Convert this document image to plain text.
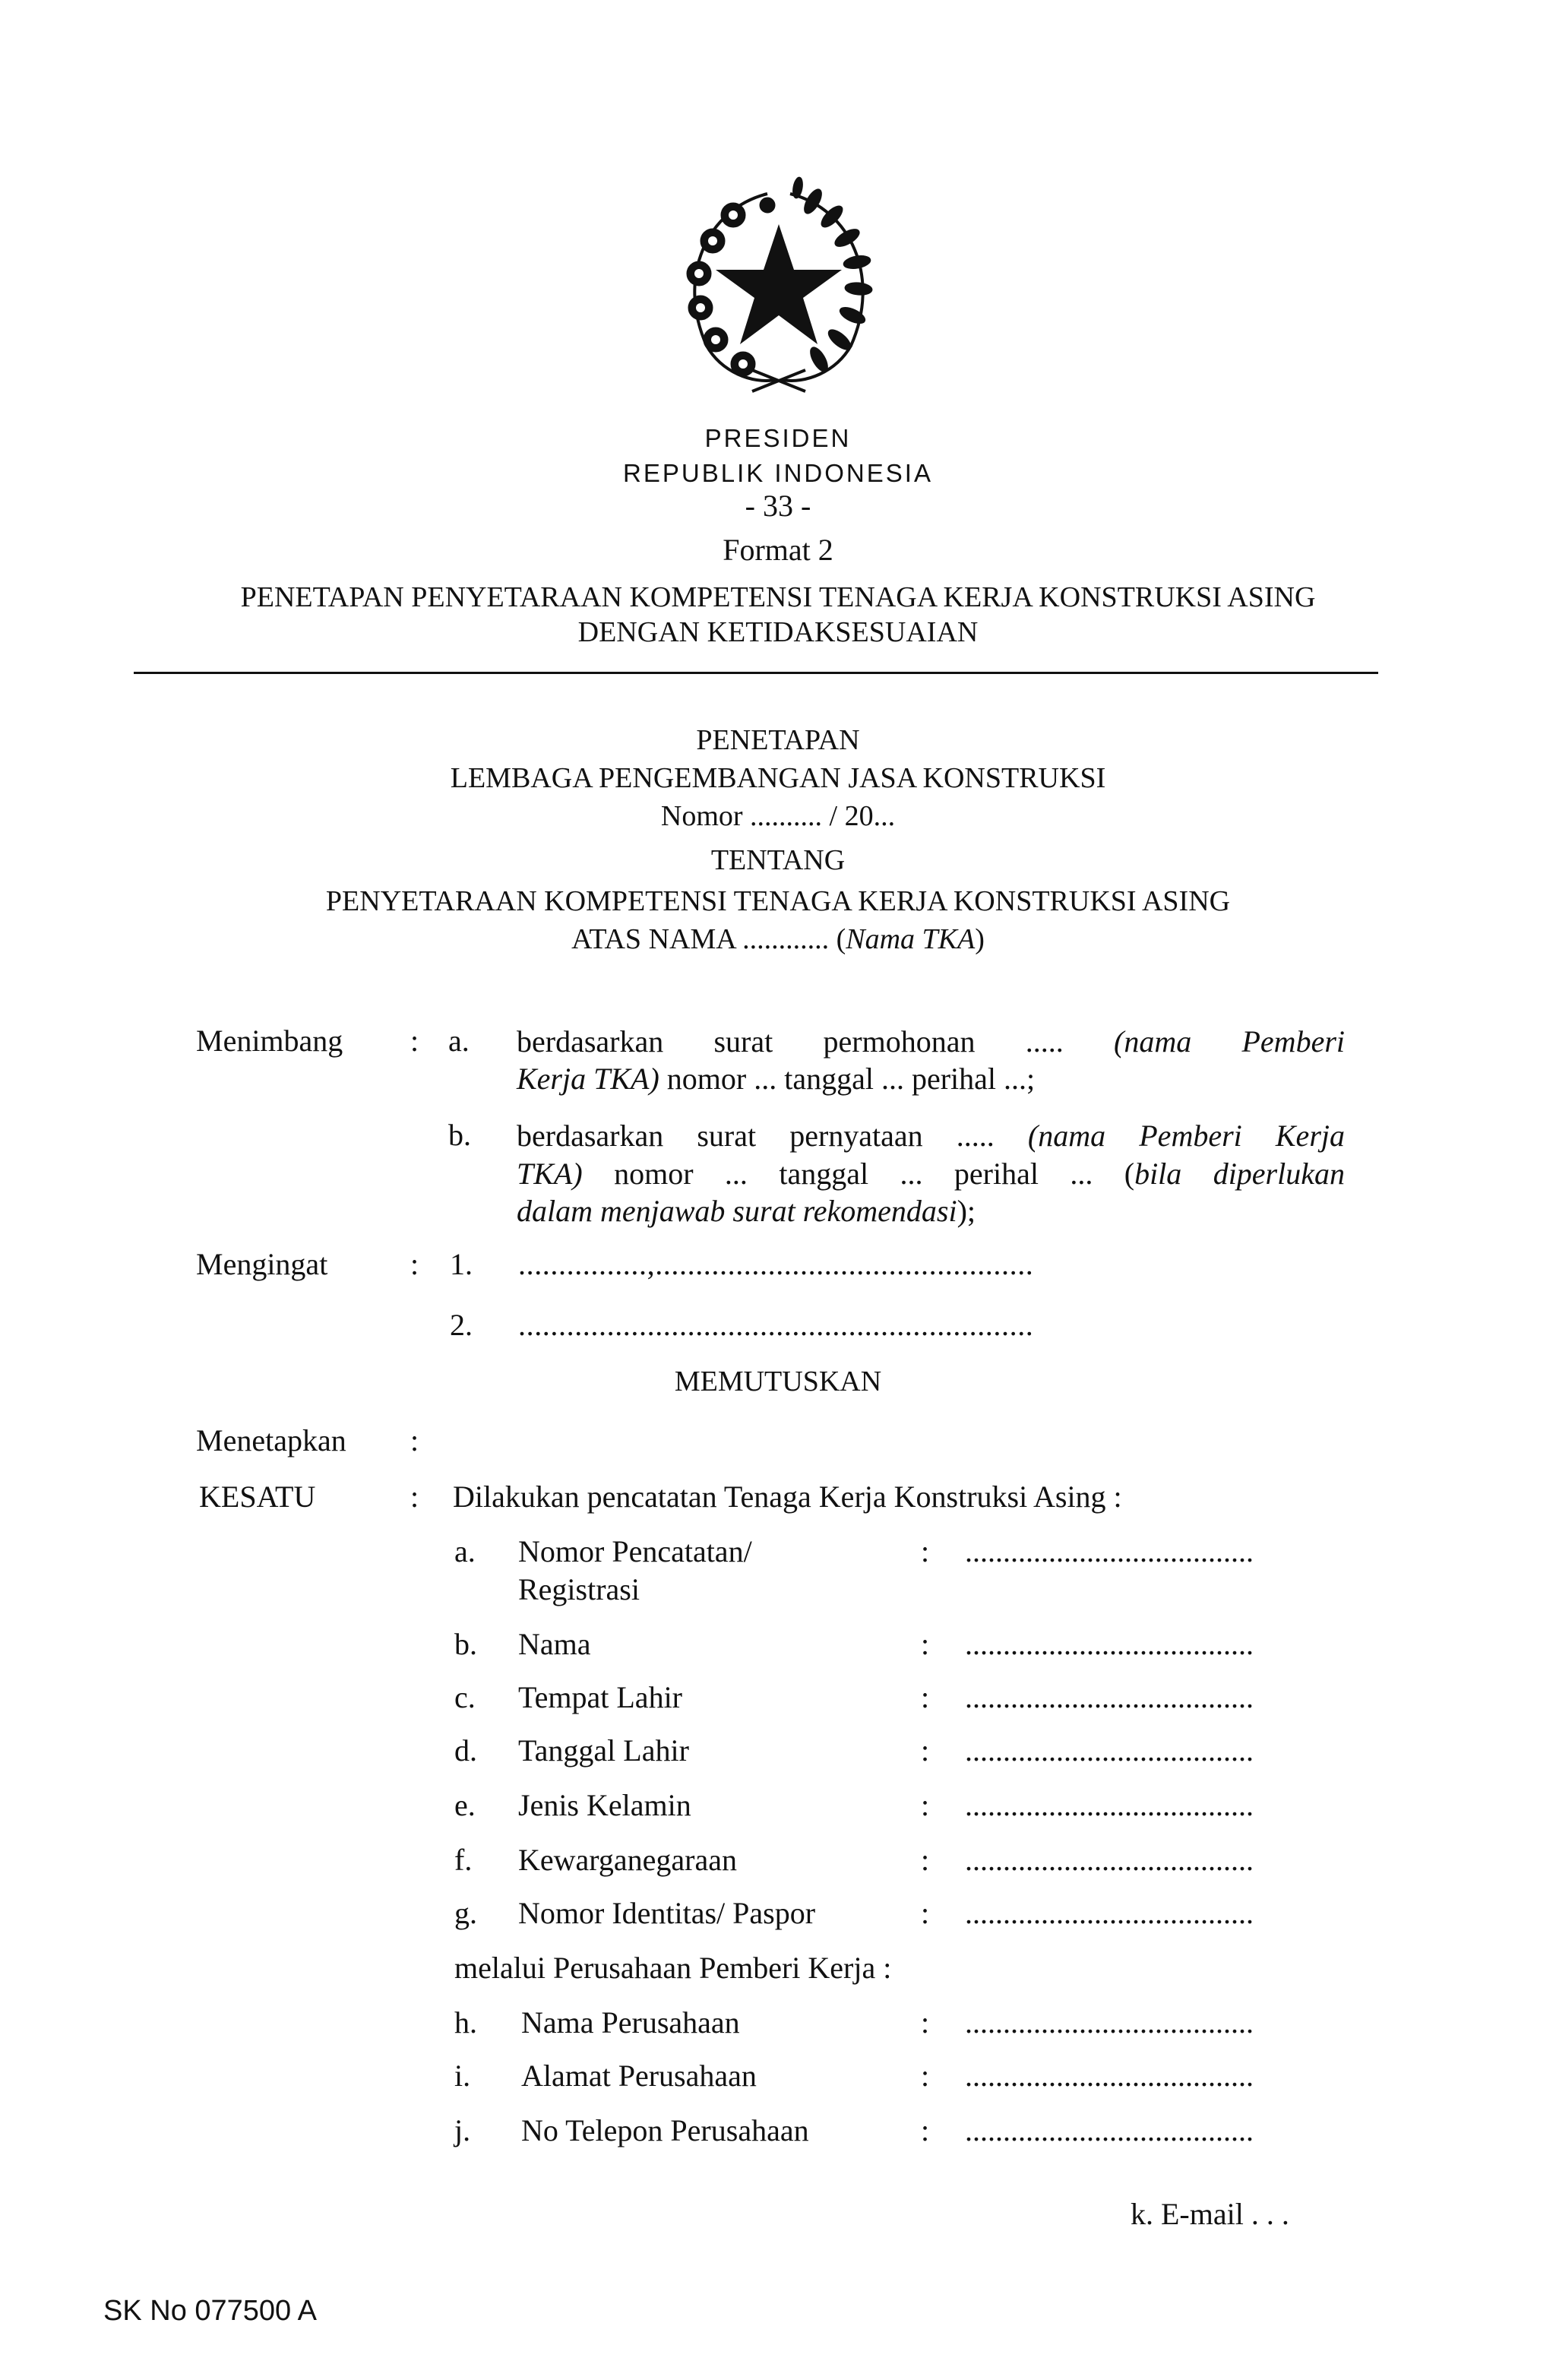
PRESIDEN
REPUBLIK INDONESIA
- 33 -
Format 2
PENETAPAN PENYETARAAN KOMPETENSI TENAGA KERJA KONSTRUKSI ASING
DENGAN KETIDAKSESUAIAN
PENETAPAN
LEMBAGA PENGEMBANGAN JASA KONSTRUKSI
Nomor .......... / 20...
TENTANG
PENYETARAAN KOMPETENSI TENAGA KERJA KONSTRUKSI ASING
ATAS NAMA ............ (Nama TKA)
Menimbang : a. berdasarkan surat permohonan ..... (nama Pemberi
Kerja TKA) nomor ... tanggal ... perihal ...;
b. berdasarkan surat pernyataan ..... (nama Pemberi Kerja
TKA) nomor ... tanggal ... perihal ... (bila diperlukan
dalam menjawab surat rekomendasi);
Mengingat	: 1. ................,...............................................
2. ................................................................
MEMUTUSKAN
Menetapkan :
KESATU	: Dilakukan pencatatan Tenaga Kerja Konstruksi Asing :
a. Nomor Pencatatan/
Registrasi
: ......................................
b. Nama	: ......................................
c. Tempat Lahir	: ......................................
d. Tanggal Lahir	: ......................................
e. Jenis Kelamin	: ......................................
f. Kewarganegaraan	: ......................................
g. Nomor Identitas/ Paspor	: ......................................
melalui Perusahaan Pemberi Kerja :
h. Nama Perusahaan	: ......................................
i. Alamat Perusahaan	: ......................................
j. No Telepon Perusahaan	: ......................................
k. E-mail . . .
SK No 077500 A
